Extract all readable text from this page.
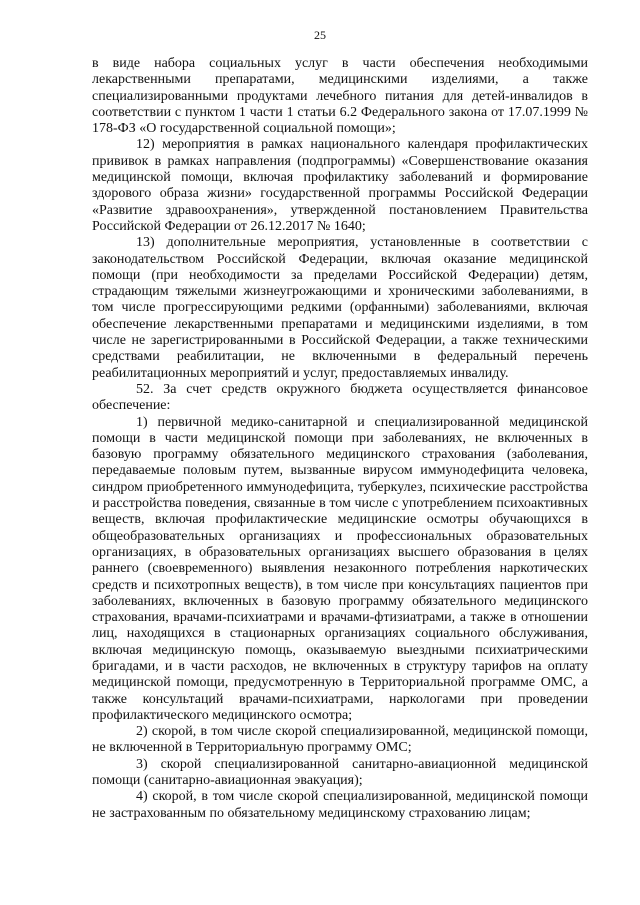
25

в виде набора социальных услуг в части обеспечения необходимыми лекарственными препаратами, медицинскими изделиями, а также специализированными продуктами лечебного питания для детей-инвалидов в соответствии с пунктом 1 части 1 статьи 6.2 Федерального закона от 17.07.1999 № 178-ФЗ «О государственной социальной помощи»;

12) мероприятия в рамках национального календаря профилактических прививок в рамках направления (подпрограммы) «Совершенствование оказания медицинской помощи, включая профилактику заболеваний и формирование здорового образа жизни» государственной программы Российской Федерации «Развитие здравоохранения», утвержденной постановлением Правительства Российской Федерации от 26.12.2017 № 1640;

13) дополнительные мероприятия, установленные в соответствии с законодательством Российской Федерации, включая оказание медицинской помощи (при необходимости за пределами Российской Федерации) детям, страдающим тяжелыми жизнеугрожающими и хроническими заболеваниями, в том числе прогрессирующими редкими (орфанными) заболеваниями, включая обеспечение лекарственными препаратами и медицинскими изделиями, в том числе не зарегистрированными в Российской Федерации, а также техническими средствами реабилитации, не включенными в федеральный перечень реабилитационных мероприятий и услуг, предоставляемых инвалиду.

52. За счет средств окружного бюджета осуществляется финансовое обеспечение:

1) первичной медико-санитарной и специализированной медицинской помощи в части медицинской помощи при заболеваниях, не включенных в базовую программу обязательного медицинского страхования (заболевания, передаваемые половым путем, вызванные вирусом иммунодефицита человека, синдром приобретенного иммунодефицита, туберкулез, психические расстройства и расстройства поведения, связанные в том числе с употреблением психоактивных веществ, включая профилактические медицинские осмотры обучающихся в общеобразовательных организациях и профессиональных образовательных организациях, в образовательных организациях высшего образования в целях раннего (своевременного) выявления незаконного потребления наркотических средств и психотропных веществ), в том числе при консультациях пациентов при заболеваниях, включенных в базовую программу обязательного медицинского страхования, врачами-психиатрами и врачами-фтизиатрами, а также в отношении лиц, находящихся в стационарных организациях социального обслуживания, включая медицинскую помощь, оказываемую выездными психиатрическими бригадами, и в части расходов, не включенных в структуру тарифов на оплату медицинской помощи, предусмотренную в Территориальной программе ОМС, а также консультаций врачами-психиатрами, наркологами при проведении профилактического медицинского осмотра;

2) скорой, в том числе скорой специализированной, медицинской помощи, не включенной в Территориальную программу ОМС;

3) скорой специализированной санитарно-авиационной медицинской помощи (санитарно-авиационная эвакуация);

4) скорой, в том числе скорой специализированной, медицинской помощи не застрахованным по обязательному медицинскому страхованию лицам;
